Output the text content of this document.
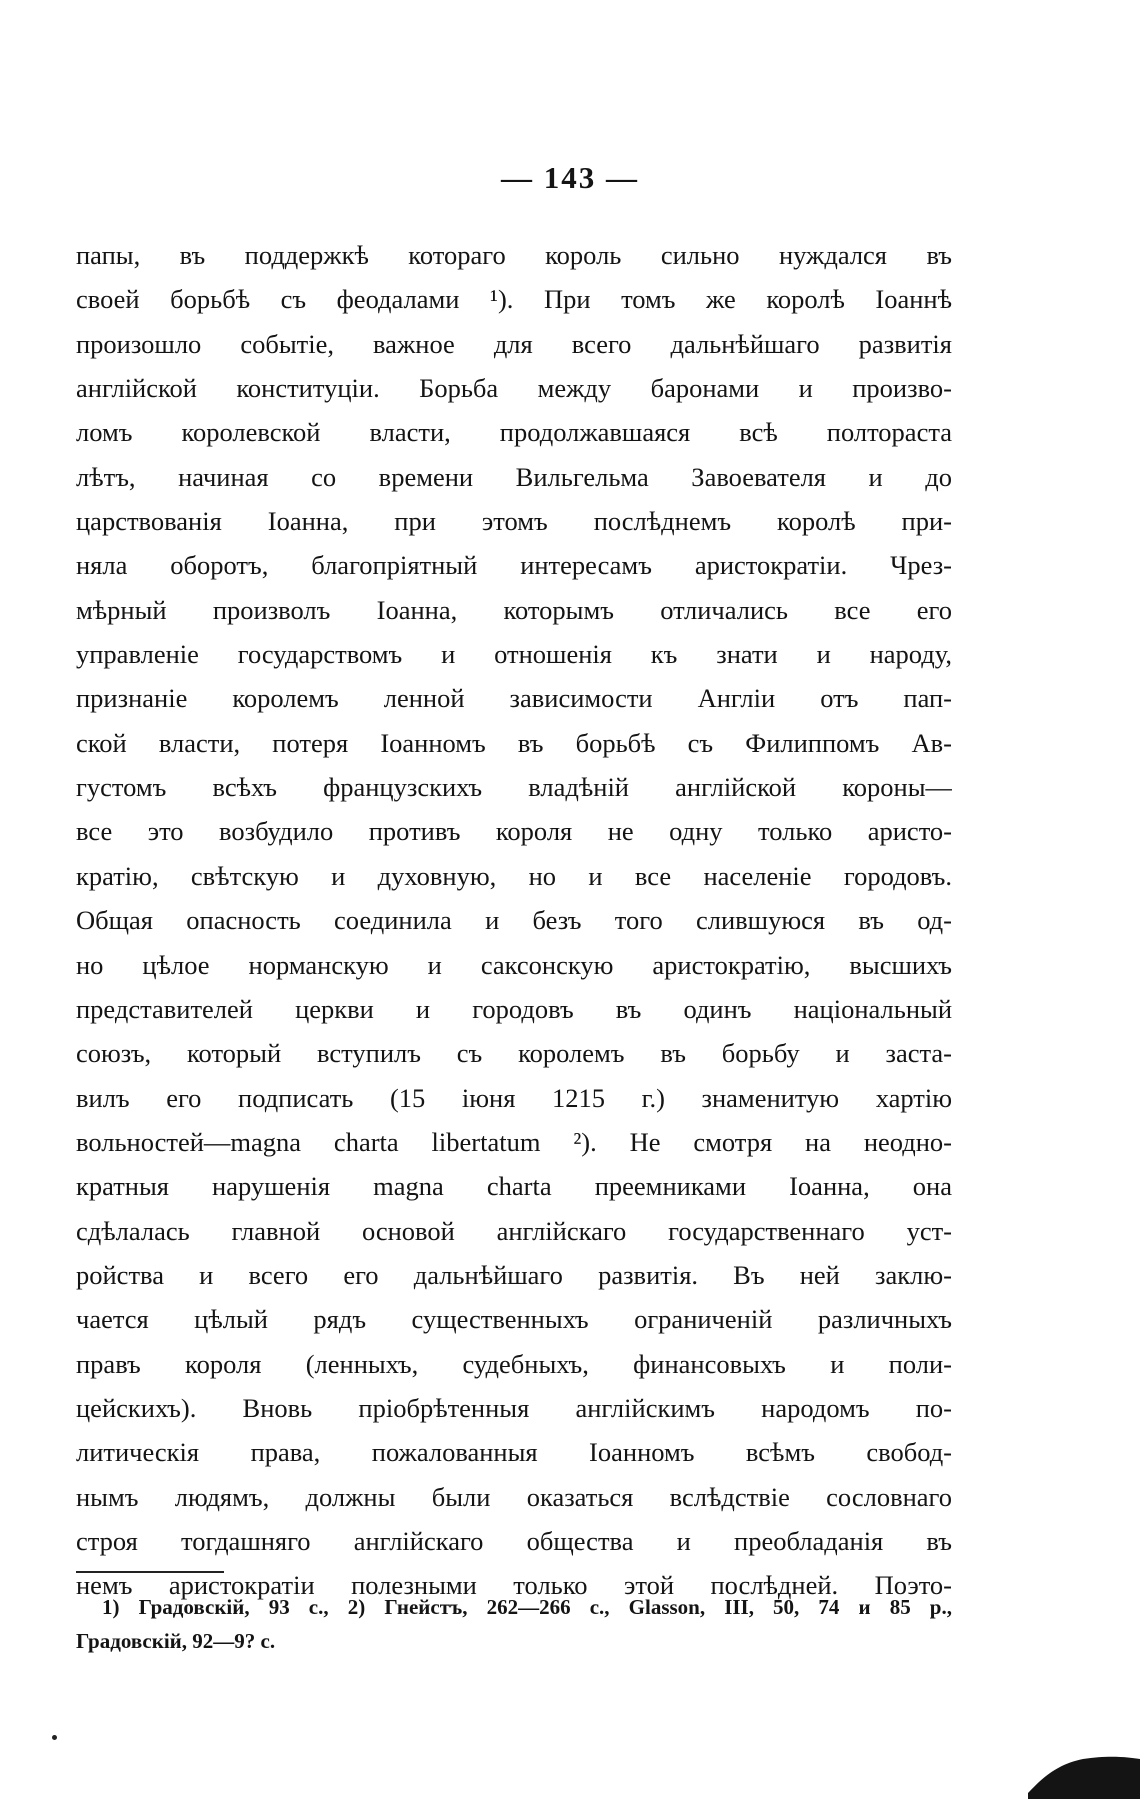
— 143 —
папы, въ поддержкѣ котораго король сильно нуждался въ
своей борьбѣ съ феодалами ¹). При томъ же королѣ Іоаннѣ
произошло событіе, важное для всего дальнѣйшаго развитія
англійской конституціи. Борьба между баронами и произво-
ломъ королевской власти, продолжавшаяся всѣ полтораста
лѣтъ, начиная со времени Вильгельма Завоевателя и до
царствованія Іоанна, при этомъ послѣднемъ королѣ при-
няла оборотъ, благопріятный интересамъ аристократіи. Чрез-
мѣрный произволъ Іоанна, которымъ отличались все его
управленіе государствомъ и отношенія къ знати и народу,
признаніе королемъ ленной зависимости Англіи отъ пап-
ской власти, потеря Іоанномъ въ борьбѣ съ Филиппомъ Ав-
густомъ всѣхъ французскихъ владѣній англійской короны—
все это возбудило противъ короля не одну только аристо-
кратію, свѣтскую и духовную, но и все населеніе городовъ.
Общая опасность соединила и безъ того слившуюся въ од-
но цѣлое норманскую и саксонскую аристократію, высшихъ
представителей церкви и городовъ въ одинъ національный
союзъ, который вступилъ съ королемъ въ борьбу и заста-
вилъ его подписать (15 іюня 1215 г.) знаменитую хартію
вольностей—magna charta libertatum ²). Не смотря на неодно-
кратныя нарушенія magna charta преемниками Іоанна, она
сдѣлалась главной основой англійскаго государственнаго уст-
ройства и всего его дальнѣйшаго развитія. Въ ней заклю-
чается цѣлый рядъ существенныхъ ограниченій различныхъ
правъ короля (ленныхъ, судебныхъ, финансовыхъ и поли-
цейскихъ). Вновь пріобрѣтенныя англійскимъ народомъ по-
литическія права, пожалованныя Іоанномъ всѣмъ свобод-
нымъ людямъ, должны были оказаться вслѣдствіе сословнаго
строя тогдашняго англійскаго общества и преобладанія въ
немъ аристократіи полезными только этой послѣдней. Поэто-
1) Градовскій, 93 с., 2) Гнейстъ, 262—266 с., Glasson, III, 50, 74 и 85 р.,
Градовскій, 92—9? с.
